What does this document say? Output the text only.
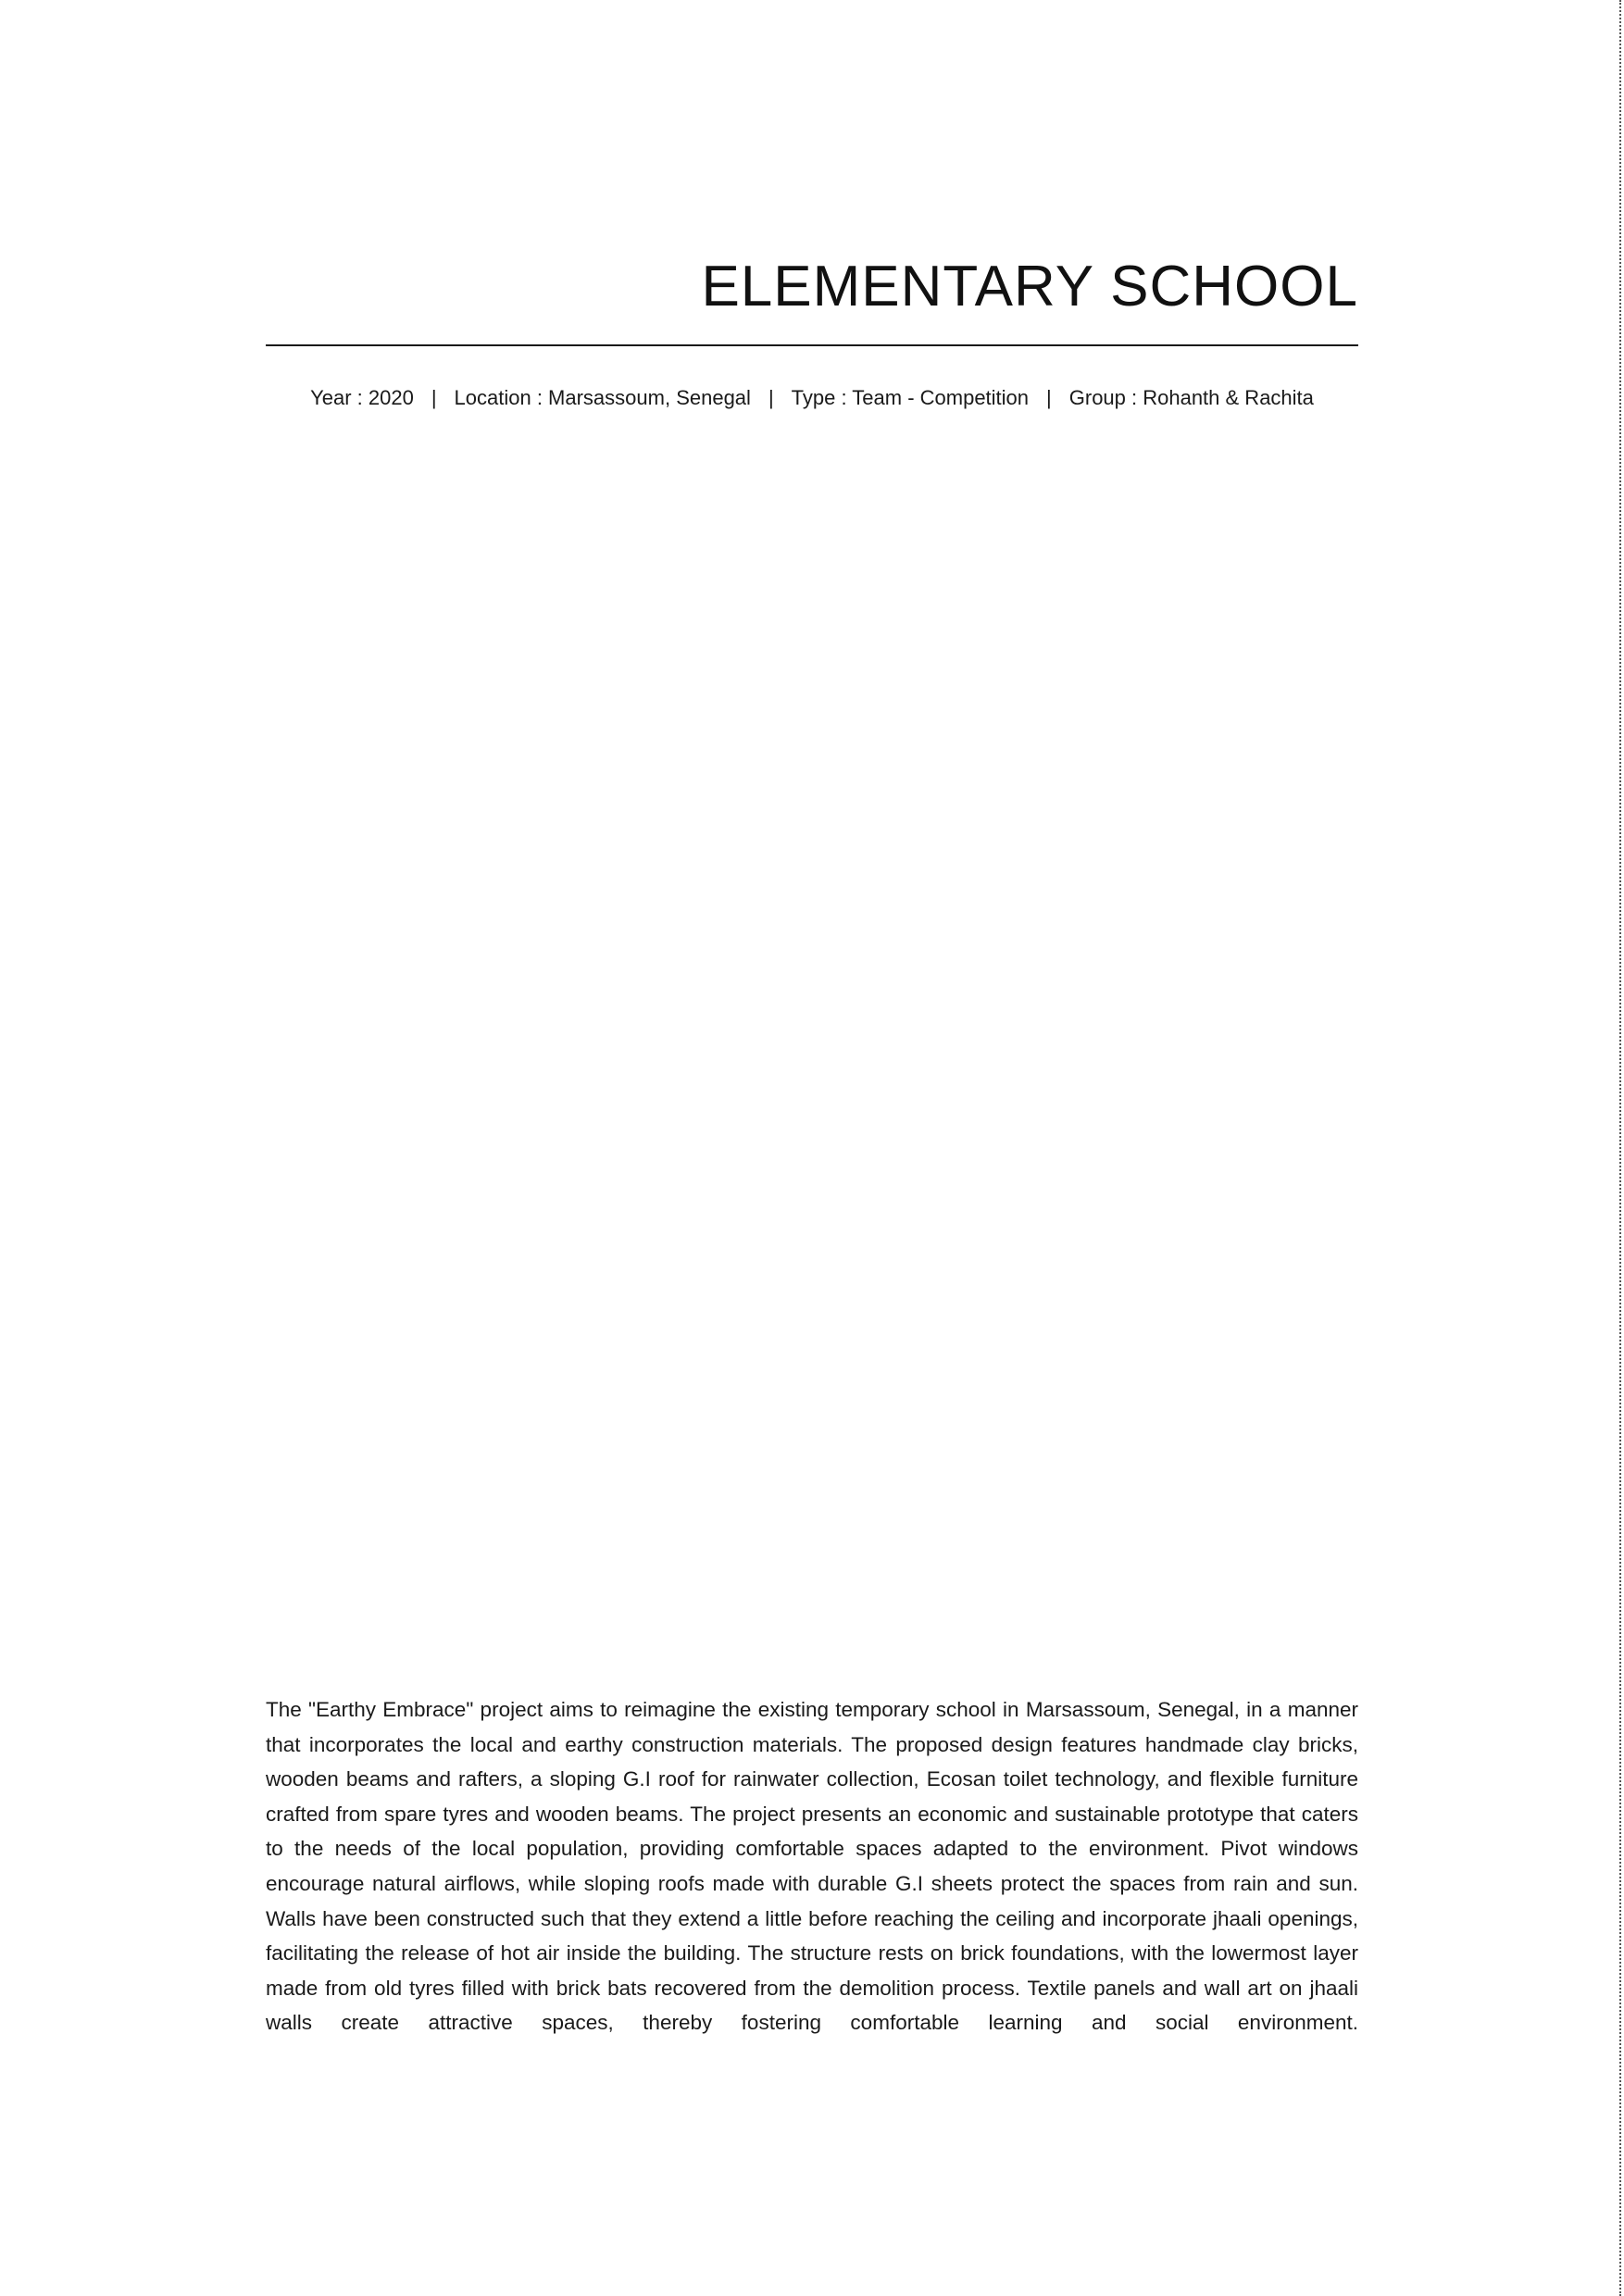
ELEMENTARY SCHOOL
Year : 2020 | Location : Marsassoum, Senegal | Type : Team - Competition | Group : Rohanth & Rachita

The "Earthy Embrace" project aims to reimagine the existing temporary school in Marsassoum, Senegal, in a manner that incorporates the local and earthy construction materials. The proposed design features handmade clay bricks, wooden beams and rafters, a sloping G.I roof for rainwater collection, Ecosan toilet technology, and flexible furniture crafted from spare tyres and wooden beams. The project presents an economic and sustainable prototype that caters to the needs of the local population, providing comfortable spaces adapted to the environment. Pivot windows encourage natural airflows, while sloping roofs made with durable G.I sheets protect the spaces from rain and sun. Walls have been constructed such that they extend a little before reaching the ceiling and incorporate jhaali openings, facilitating the release of hot air inside the building. The structure rests on brick foundations, with the lowermost layer made from old tyres filled with brick bats recovered from the demolition process. Textile panels and wall art on jhaali walls create attractive spaces, thereby fostering comfortable learning and social environment.
